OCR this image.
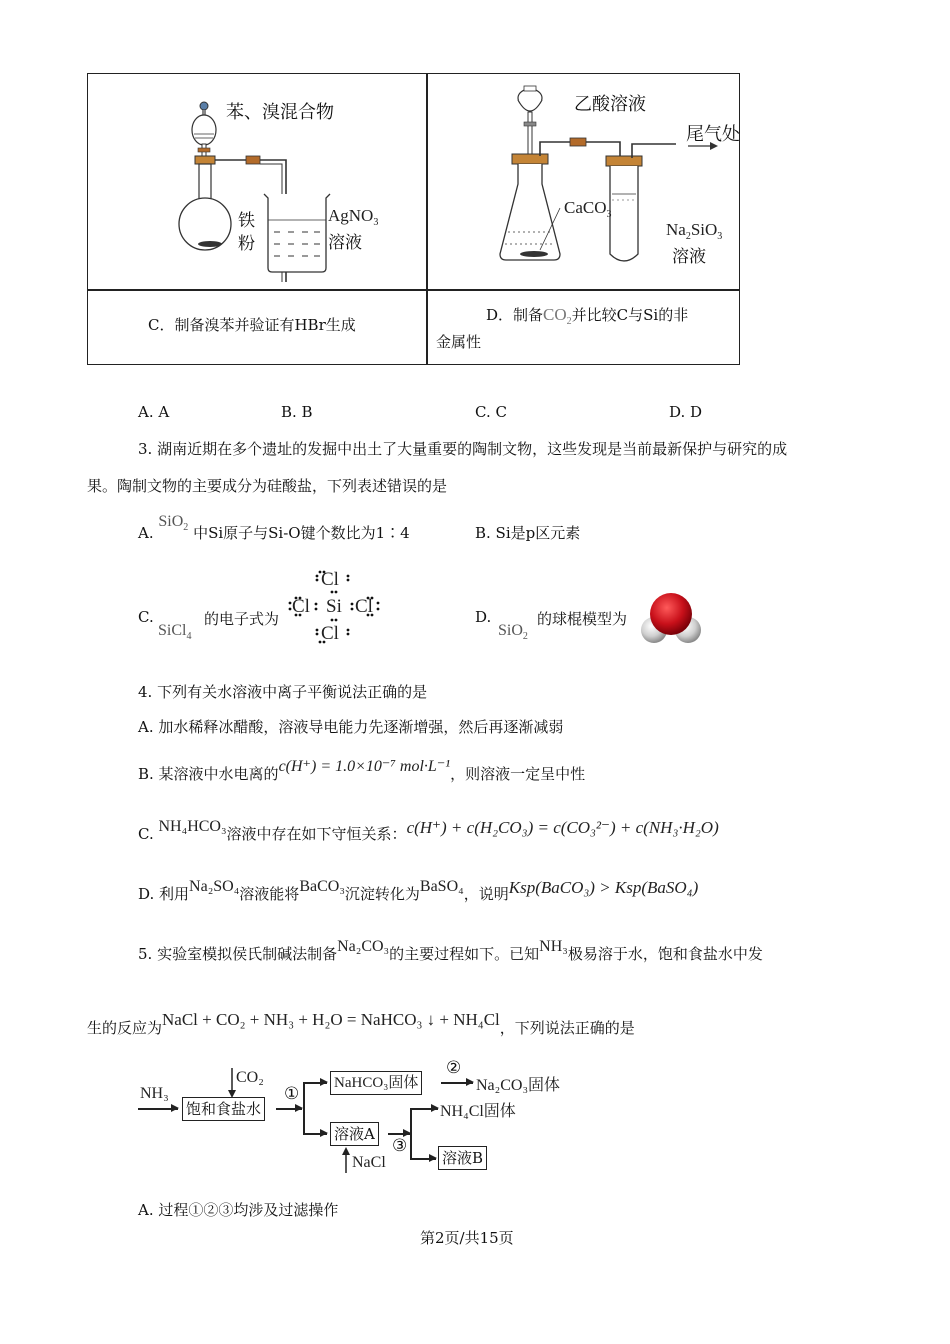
苯、溴混合物
铁
粉
AgNO$_3$
溶液
乙酸溶液
尾气处
CaCO$_3$
$Na_2SiO_3$
溶液
C．制备溴苯并验证有HBr生成
D．制备$CO_2$并比较C与Si的非
金属性
A. A	B. B	C. C	D. D
3. 湖南近期在多个遗址的发掘中出土了大量重要的陶制文物，这些发现是当前最新保护与研究的成
果。陶制文物的主要成分为硅酸盐，下列表述错误的是
A. SiO$_2$ 中Si原子与Si-O键个数比为1∶4	B. Si是p区元素
C.
SiCl$_4$
的电子式为
Cl
Cl Si Cl
Cl
D.
SiO$_2$
的球棍模型为
4. 下列有关水溶液中离子平衡说法正确的是
A. 加水稀释冰醋酸，溶液导电能力先逐渐增强，然后再逐渐减弱
B. 某溶液中水电离的c(H⁺) = 1.0×10⁻⁷ mol·L⁻¹，则溶液一定呈中性
C. NH₄HCO₃溶液中存在如下守恒关系：c(H⁺) + c(H₂CO₃) = c(CO₃²⁻) + c(NH₃·H₂O)
D. 利用Na₂SO₄溶液能将BaCO₃沉淀转化为BaSO₄，说明Ksp(BaCO₃) > Ksp(BaSO₄)
5. 实验室模拟侯氏制碱法制备Na₂CO₃的主要过程如下。已知NH₃极易溶于水，饱和食盐水中发
生的反应为NaCl + CO₂ + NH₃ + H₂O = NaHCO₃ ↓ + NH₄Cl，下列说法正确的是
NH₃
CO₂
饱和食盐水
①
NaHCO₃固体
②
Na₂CO₃固体
溶液A
NaCl
③
NH₄Cl固体
溶液B
A. 过程①②③均涉及过滤操作
第2页/共15页
